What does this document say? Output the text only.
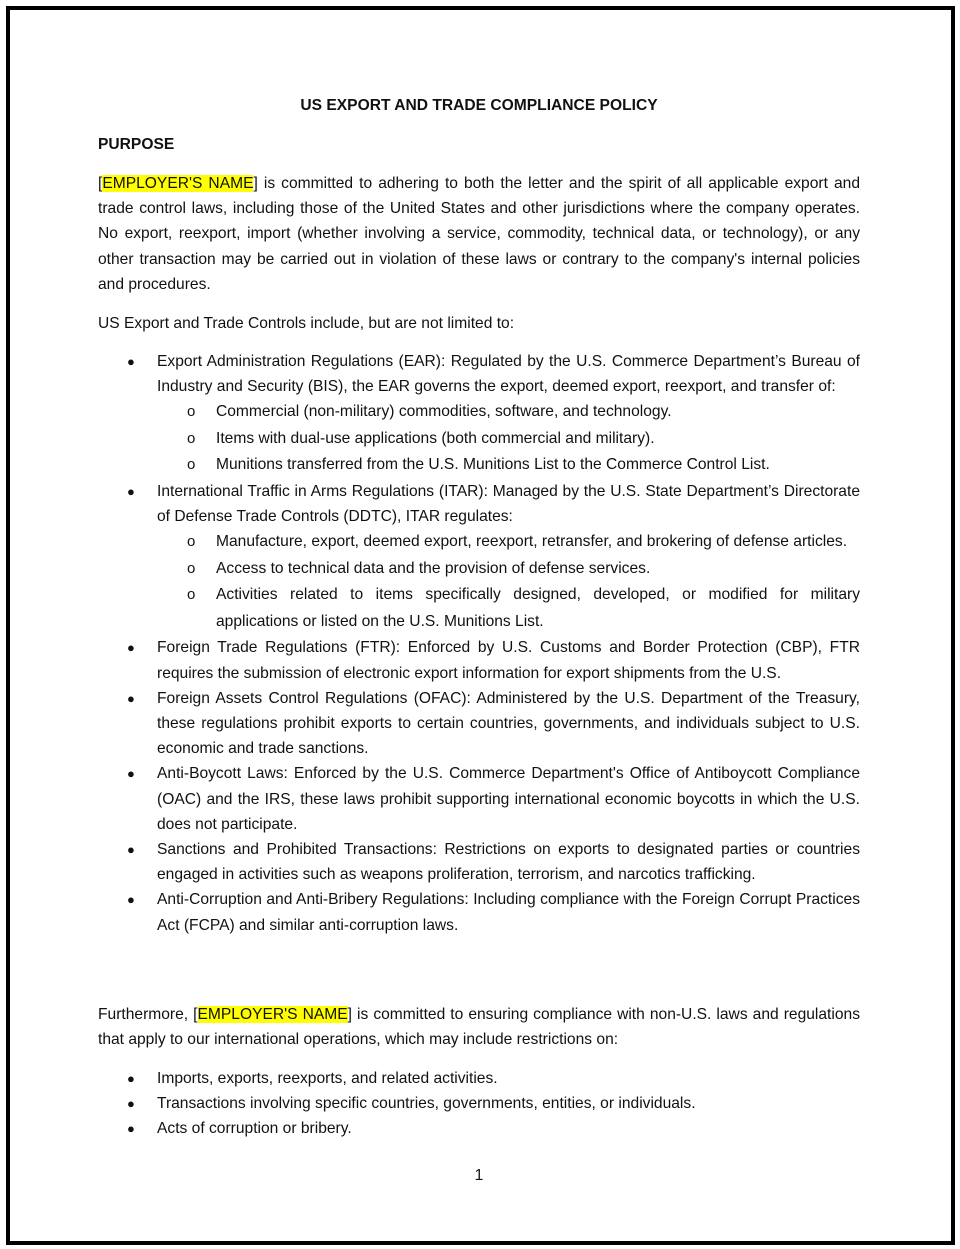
US EXPORT AND TRADE COMPLIANCE POLICY
PURPOSE

[EMPLOYER'S NAME] is committed to adhering to both the letter and the spirit of all applicable export and trade control laws, including those of the United States and other jurisdictions where the company operates. No export, reexport, import (whether involving a service, commodity, technical data, or technology), or any other transaction may be carried out in violation of these laws or contrary to the company's internal policies and procedures.

US Export and Trade Controls include, but are not limited to:

● Export Administration Regulations (EAR): Regulated by the U.S. Commerce Department’s Bureau of Industry and Security (BIS), the EAR governs the export, deemed export, reexport, and transfer of:
o Commercial (non-military) commodities, software, and technology.
o Items with dual-use applications (both commercial and military).
o Munitions transferred from the U.S. Munitions List to the Commerce Control List.
● International Traffic in Arms Regulations (ITAR): Managed by the U.S. State Department’s Directorate of Defense Trade Controls (DDTC), ITAR regulates:
o Manufacture, export, deemed export, reexport, retransfer, and brokering of defense articles.
o Access to technical data and the provision of defense services.
o Activities related to items specifically designed, developed, or modified for military applications or listed on the U.S. Munitions List.
● Foreign Trade Regulations (FTR): Enforced by U.S. Customs and Border Protection (CBP), FTR requires the submission of electronic export information for export shipments from the U.S.
● Foreign Assets Control Regulations (OFAC): Administered by the U.S. Department of the Treasury, these regulations prohibit exports to certain countries, governments, and individuals subject to U.S. economic and trade sanctions.
● Anti-Boycott Laws: Enforced by the U.S. Commerce Department's Office of Antiboycott Compliance (OAC) and the IRS, these laws prohibit supporting international economic boycotts in which the U.S. does not participate.
● Sanctions and Prohibited Transactions: Restrictions on exports to designated parties or countries engaged in activities such as weapons proliferation, terrorism, and narcotics trafficking.
● Anti-Corruption and Anti-Bribery Regulations: Including compliance with the Foreign Corrupt Practices Act (FCPA) and similar anti-corruption laws.

Furthermore, [EMPLOYER'S NAME] is committed to ensuring compliance with non-U.S. laws and regulations that apply to our international operations, which may include restrictions on:

● Imports, exports, reexports, and related activities.
● Transactions involving specific countries, governments, entities, or individuals.
● Acts of corruption or bribery.
1
